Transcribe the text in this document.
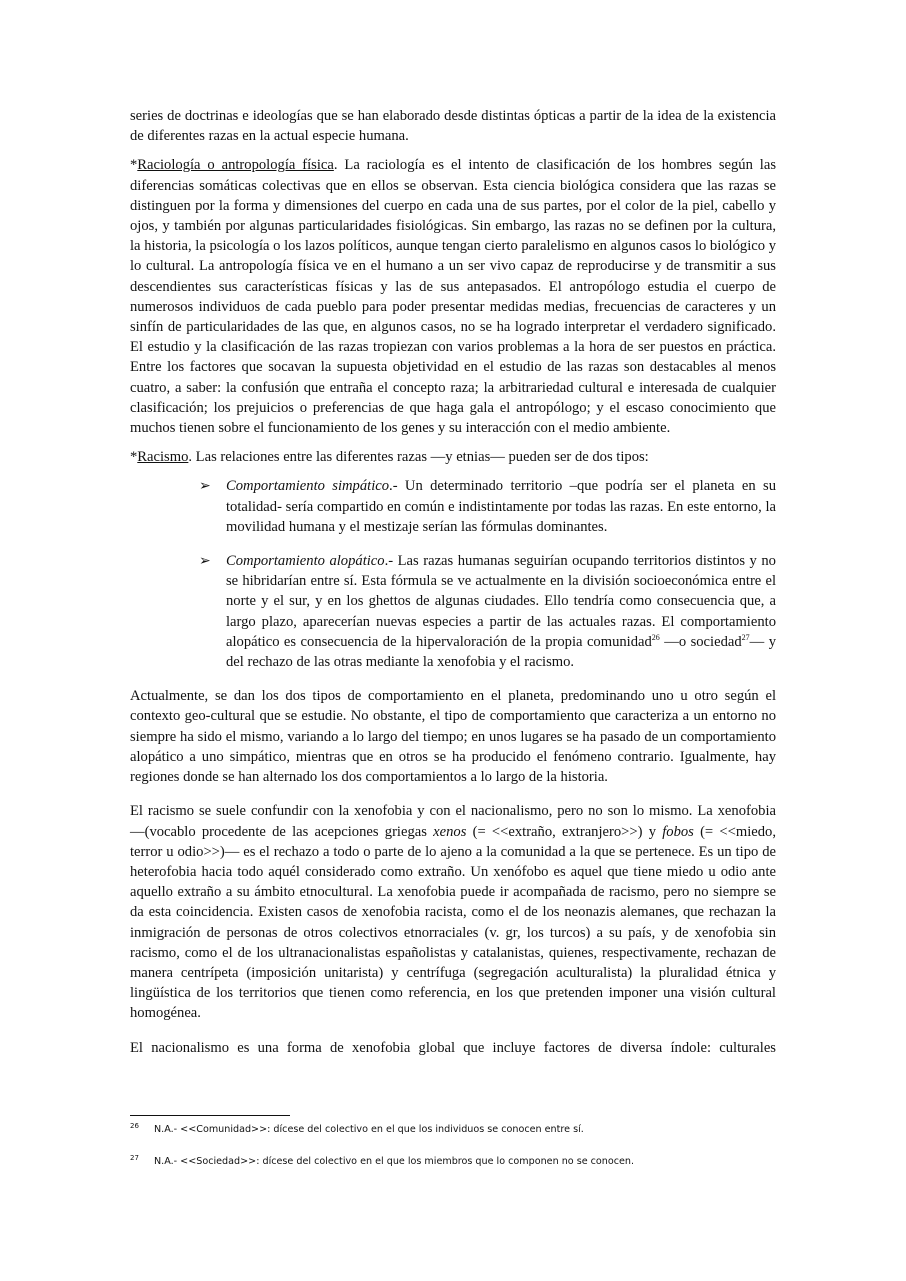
series de doctrinas e ideologías que se han elaborado desde distintas ópticas a partir de la idea de la existencia de diferentes razas en la actual especie humana.

*Raciología o antropología física. La raciología es el intento de clasificación de los hombres según las diferencias somáticas colectivas que en ellos se observan. Esta ciencia biológica considera que las razas se distinguen por la forma y dimensiones del cuerpo en cada una de sus partes, por el color de la piel, cabello y ojos, y también por algunas particularidades fisiológicas. Sin embargo, las razas no se definen por la cultura, la historia, la psicología o los lazos políticos, aunque tengan cierto paralelismo en algunos casos lo biológico y lo cultural. La antropología física ve en el humano a un ser vivo capaz de reproducirse y de transmitir a sus descendientes sus características físicas y las de sus antepasados. El antropólogo estudia el cuerpo de numerosos individuos de cada pueblo para poder presentar medidas medias, frecuencias de caracteres y un sinfín de particularidades de las que, en algunos casos, no se ha logrado interpretar el verdadero significado. El estudio y la clasificación de las razas tropiezan con varios problemas a la hora de ser puestos en práctica. Entre los factores que socavan la supuesta objetividad en el estudio de las razas son destacables al menos cuatro, a saber: la confusión que entraña el concepto raza; la arbitrariedad cultural e interesada de cualquier clasificación; los prejuicios o preferencias de que haga gala el antropólogo; y el escaso conocimiento que muchos tienen sobre el funcionamiento de los genes y su interacción con el medio ambiente.

*Racismo. Las relaciones entre las diferentes razas ―y etnias― pueden ser de dos tipos:

➢ Comportamiento simpático.- Un determinado territorio –que podría ser el planeta en su totalidad- sería compartido en común e indistintamente por todas las razas. En este entorno, la movilidad humana y el mestizaje serían las fórmulas dominantes.
➢ Comportamiento alopático.- Las razas humanas seguirían ocupando territorios distintos y no se hibridarían entre sí. Esta fórmula se ve actualmente en la división socioeconómica entre el norte y el sur, y en los ghettos de algunas ciudades. Ello tendría como consecuencia que, a largo plazo, aparecerían nuevas especies a partir de las actuales razas. El comportamiento alopático es consecuencia de la hipervaloración de la propia comunidad$^{26}$ ―o sociedad$^{27}$― y del rechazo de las otras mediante la xenofobia y el racismo.

Actualmente, se dan los dos tipos de comportamiento en el planeta, predominando uno u otro según el contexto geo-cultural que se estudie. No obstante, el tipo de comportamiento que caracteriza a un entorno no siempre ha sido el mismo, variando a lo largo del tiempo; en unos lugares se ha pasado de un comportamiento alopático a uno simpático, mientras que en otros se ha producido el fenómeno contrario. Igualmente, hay regiones donde se han alternado los dos comportamientos a lo largo de la historia.

El racismo se suele confundir con la xenofobia y con el nacionalismo, pero no son lo mismo. La xenofobia ―(vocablo procedente de las acepciones griegas xenos (= <<extraño, extranjero>>) y fobos (= <<miedo, terror u odio>>)― es el rechazo a todo o parte de lo ajeno a la comunidad a la que se pertenece. Es un tipo de heterofobia hacia todo aquél considerado como extraño. Un xenófobo es aquel que tiene miedo u odio ante aquello extraño a su ámbito etnocultural. La xenofobia puede ir acompañada de racismo, pero no siempre se da esta coincidencia. Existen casos de xenofobia racista, como el de los neonazis alemanes, que rechazan la inmigración de personas de otros colectivos etnorraciales (v. gr, los turcos) a su país, y de xenofobia sin racismo, como el de los ultranacionalistas españolistas y catalanistas, quienes, respectivamente, rechazan de manera centrípeta (imposición unitarista) y centrífuga (segregación aculturalista) la pluralidad étnica y lingüística de los territorios que tienen como referencia, en los que pretenden imponer una visión cultural homogénea.

El nacionalismo es una forma de xenofobia global que incluye factores de diversa índole: culturales

26 N.A.- <<Comunidad>>: dícese del colectivo en el que los individuos se conocen entre sí.
27 N.A.- <<Sociedad>>: dícese del colectivo en el que los miembros que lo componen no se conocen.
